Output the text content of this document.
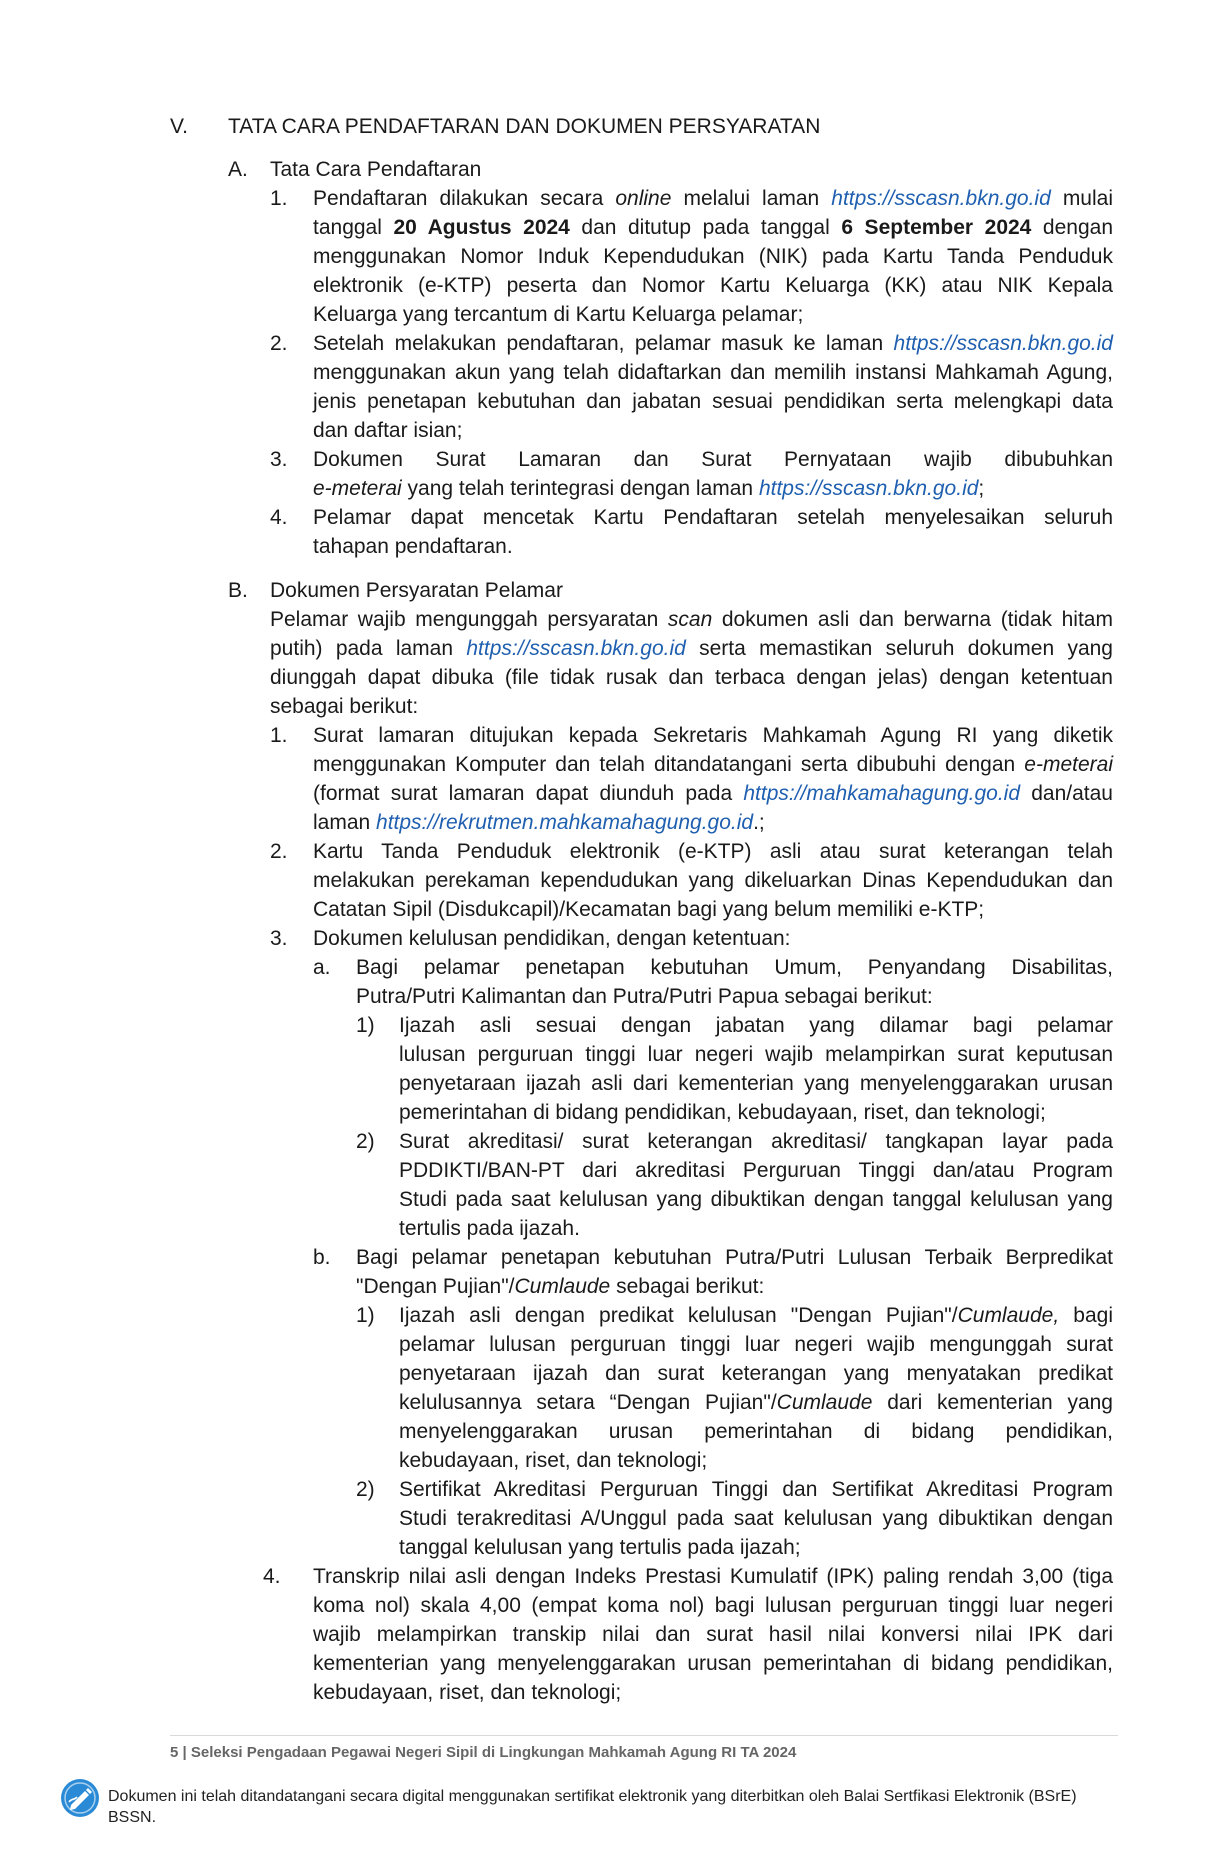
V. TATA CARA PENDAFTARAN DAN DOKUMEN PERSYARATAN
A. Tata Cara Pendaftaran
1. Pendaftaran dilakukan secara online melalui laman https://sscasn.bkn.go.id mulai
tanggal 20 Agustus 2024 dan ditutup pada tanggal 6 September 2024 dengan
menggunakan Nomor Induk Kependudukan (NIK) pada Kartu Tanda Penduduk
elektronik (e-KTP) peserta dan Nomor Kartu Keluarga (KK) atau NIK Kepala
Keluarga yang tercantum di Kartu Keluarga pelamar;
2. Setelah melakukan pendaftaran, pelamar masuk ke laman https://sscasn.bkn.go.id
menggunakan akun yang telah didaftarkan dan memilih instansi Mahkamah Agung,
jenis penetapan kebutuhan dan jabatan sesuai pendidikan serta melengkapi data
dan daftar isian;
3. Dokumen Surat Lamaran dan Surat Pernyataan wajib dibubuhkan
e-meterai yang telah terintegrasi dengan laman https://sscasn.bkn.go.id;
4. Pelamar dapat mencetak Kartu Pendaftaran setelah menyelesaikan seluruh
tahapan pendaftaran.
B. Dokumen Persyaratan Pelamar
Pelamar wajib mengunggah persyaratan scan dokumen asli dan berwarna (tidak hitam
putih) pada laman https://sscasn.bkn.go.id serta memastikan seluruh dokumen yang
diunggah dapat dibuka (file tidak rusak dan terbaca dengan jelas) dengan ketentuan
sebagai berikut:
1. Surat lamaran ditujukan kepada Sekretaris Mahkamah Agung RI yang diketik
menggunakan Komputer dan telah ditandatangani serta dibubuhi dengan e-meterai
(format surat lamaran dapat diunduh pada https://mahkamahagung.go.id dan/atau
laman https://rekrutmen.mahkamahagung.go.id.;
2. Kartu Tanda Penduduk elektronik (e-KTP) asli atau surat keterangan telah
melakukan perekaman kependudukan yang dikeluarkan Dinas Kependudukan dan
Catatan Sipil (Disdukcapil)/Kecamatan bagi yang belum memiliki e-KTP;
3. Dokumen kelulusan pendidikan, dengan ketentuan:
a. Bagi pelamar penetapan kebutuhan Umum, Penyandang Disabilitas,
Putra/Putri Kalimantan dan Putra/Putri Papua sebagai berikut:
1) Ijazah asli sesuai dengan jabatan yang dilamar bagi pelamar
lulusan perguruan tinggi luar negeri wajib melampirkan surat keputusan
penyetaraan ijazah asli dari kementerian yang menyelenggarakan urusan
pemerintahan di bidang pendidikan, kebudayaan, riset, dan teknologi;
2) Surat akreditasi/ surat keterangan akreditasi/ tangkapan layar pada
PDDIKTI/BAN-PT dari akreditasi Perguruan Tinggi dan/atau Program
Studi pada saat kelulusan yang dibuktikan dengan tanggal kelulusan yang
tertulis pada ijazah.
b. Bagi pelamar penetapan kebutuhan Putra/Putri Lulusan Terbaik Berpredikat
"Dengan Pujian"/Cumlaude sebagai berikut:
1) Ijazah asli dengan predikat kelulusan "Dengan Pujian"/Cumlaude, bagi
pelamar lulusan perguruan tinggi luar negeri wajib mengunggah surat
penyetaraan ijazah dan surat keterangan yang menyatakan predikat
kelulusannya setara “Dengan Pujian"/Cumlaude dari kementerian yang
menyelenggarakan urusan pemerintahan di bidang pendidikan,
kebudayaan, riset, dan teknologi;
2) Sertifikat Akreditasi Perguruan Tinggi dan Sertifikat Akreditasi Program
Studi terakreditasi A/Unggul pada saat kelulusan yang dibuktikan dengan
tanggal kelulusan yang tertulis pada ijazah;
4. Transkrip nilai asli dengan Indeks Prestasi Kumulatif (IPK) paling rendah 3,00 (tiga
koma nol) skala 4,00 (empat koma nol) bagi lulusan perguruan tinggi luar negeri
wajib melampirkan transkip nilai dan surat hasil nilai konversi nilai IPK dari
kementerian yang menyelenggarakan urusan pemerintahan di bidang pendidikan,
kebudayaan, riset, dan teknologi;
5 | Seleksi Pengadaan Pegawai Negeri Sipil di Lingkungan Mahkamah Agung RI TA 2024
Dokumen ini telah ditandatangani secara digital menggunakan sertifikat elektronik yang diterbitkan oleh Balai Sertfikasi Elektronik (BSrE)
BSSN.
